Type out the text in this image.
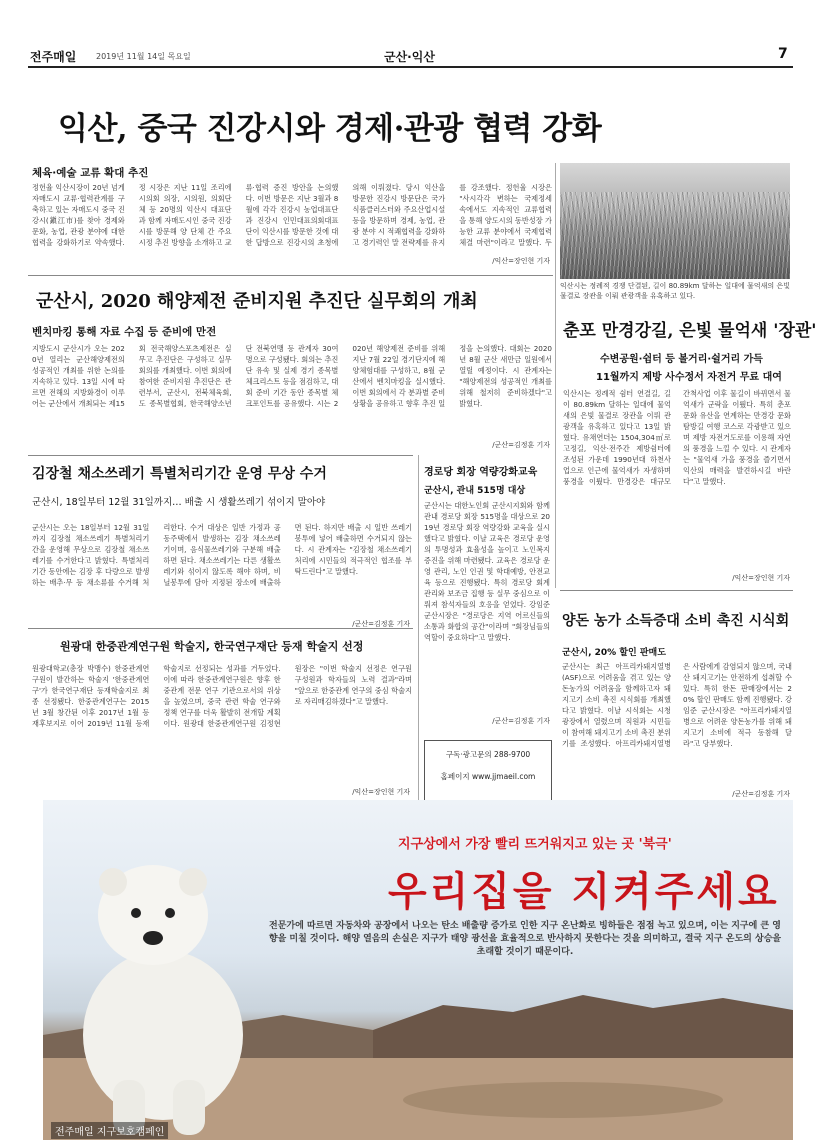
전주매일 2019년 11월 14일 목요일	군산·익산	7
익산, 중국 진강시와 경제·관광 협력 강화
체육·예술 교류 확대 추진
정헌율 익산시장이 20년 넘게 자매도시 교류·협력관계를 구축하고 있는 자매도시 중국 진강시(鎭江市)를 찾아 경제와 문화, 농업, 관광 분야에 대한 협력을 강화하기로 약속했다. 정 시장은 지난 11일 조리에 시의회 의장, 시의원, 의회단체 등 20명의 익산시 대표단과 함께 자매도시인 중국 진강시를 방문해 양 단체 간 주요 시정 추진 방향을 소개하고 교류·협력 증진 방안을 논의했다. 이번 방문은 지난 3월과 8월에 각각 진강시 농업대표단과 진강시 인민대표의회대표단이 익산시를 방문한 것에 대한 답방으로 진강시의 초청에 의해 이뤄졌다. 당시 익산을 방문한 진강시 방문단은 국가식품클러스터와 주요산업시설 등을 방문하며 경제, 농업, 관광 분야 시 적쾌협력을 강화하고 경기력인 말 전략제를 유지를 강조했다. 정헌율 시장은 "사시각각 변하는 국제정세 속에서도 지속적인 교류협력을 통해 양도시의 동반성장 가능한 교류 분야에서 국제협력 체결 마련"이라고 말했다. 두
/익산=장인현 기자
익산시는 정례적 경쟁 단결된, 길이 80.89km 달하는 일대에 물억새의 은빛 물결로 장관을 이뤄 관광객을 유혹하고 있다.
춘포 만경강길, 은빛 물억새 '장관'
수변공원·쉼터 등 볼거리·쉴거리 가득
11월까지 제방 사수정서 자전거 무료 대여
익산시는 정례적 쉼터 연결길, 길이 80.89km 달하는 일대에 물억새의 은빛 물결로 장관을 이뤄 관광객을 유혹하고 있다고 13일 밝혔다. 유채연더는 1504,304㎡로 고정길, 익산·전주간 제방쉼터에 조성된 가운데 1990년대 하천사업으로 인근에 물억새가 자생하며 풍경을 이뤘다. 만경강은 대규모 간척사업 이후 물길이 바뀌면서 물억새가 군락을 이뤘다. 특히 춘포 문화 유산을 연계하는 만경강 문화탐방길 여행 코스로 각광받고 있으며 제방 자전거도로를 이용해 자연의 풍경을 느낄 수 있다. 시 관계자는 "물억새 가을 풍경을 즐기면서 익산의 매력을 발견하시길 바란다"고 말했다.
/익산=장인현 기자
군산시, 2020 해양제전 준비지원 추진단 실무회의 개최
벤치마킹 통해 자료 수집 등 준비에 만전
지방도시 군산시가 오는 2020년 열리는 군산해양제전의 성공적인 개최를 위한 논의를 지속하고 있다. 13일 시에 따르면 전해의 지방화경이 이루어는 군산에서 개최되는 제15회 전국해양스포츠제전은 실무고 추진단은 구성하고 실무회의를 개최했다. 이번 회의에 참여한 준비지원 추진단은 관련부서, 군산시, 전북체육회, 도 종목별협회, 한국해양소년단 전북연맹 등 관계자 30여명으로 구성됐다. 회의는 추진단 유속 및 실제 경기 종목별 체크리스트 등을 점검하고, 대회 준비 기간 동안 종목별 체크포인트를 공유했다. 시는 2020년 해양제전 준비를 위해 지난 7월 22일 경기단지에 해양체험대를 구성하고, 8월 군산에서 벤치마킹을 실시했다. 이번 회의에서 각 분과별 준비상황을 공유하고 향후 추진 일정을 논의했다. 대회는 2020년 8월 군산 새만금 일원에서 열릴 예정이다. 시 관계자는 "해양제전의 성공적인 개최를 위해 철저히 준비하겠다"고 밝혔다.
/군산=김정훈 기자
김장철 채소쓰레기 특별처리기간 운영 무상 수거
군산시, 18일부터 12월 31일까지… 배출 시 생활쓰레기 섞이지 말아야
군산시는 오는 18일부터 12월 31일까지 김장철 채소쓰레기 특별처리기간을 운영해 무상으로 김장철 채소쓰레기를 수거한다고 밝혔다. 특별처리기간 동안에는 김장 후 다량으로 발생하는 배추·무 등 채소류를 수거해 처리한다. 수거 대상은 일반 가정과 공동주택에서 발생하는 김장 채소쓰레기이며, 음식물쓰레기와 구분해 배출하면 된다. 채소쓰레기는 다른 생활쓰레기와 섞이지 않도록 해야 하며, 비닐봉투에 담아 지정된 장소에 배출하면 된다. 하지만 배출 시 일반 쓰레기봉투에 넣어 배출하면 수거되지 않는다. 시 관계자는 "김장철 채소쓰레기 처리에 시민들의 적극적인 협조를 부탁드린다"고 말했다.
/군산=김정훈 기자
경로당 회장 역량강화교육
군산시, 관내 515명 대상
군산시는 대한노인회 군산시지회와 함께 관내 경로당 회장 515명을 대상으로 2019년 경로당 회장 역량강화 교육을 실시했다고 밝혔다. 이날 교육은 경로당 운영의 투명성과 효율성을 높이고 노인복지 증진을 위해 마련됐다. 교육은 경로당 운영 관리, 노인 인권 및 학대예방, 안전교육 등으로 진행됐다. 특히 경로당 회계 관리와 보조금 집행 등 실무 중심으로 이뤄져 참석자들의 호응을 얻었다. 강임준 군산시장은 "경로당은 지역 어르신들의 소통과 화합의 공간"이라며 "회장님들의 역할이 중요하다"고 말했다.
/군산=김정훈 기자
구독·광고문의 288-9700
홈페이지 www.jjmaeil.com
원광대 한중관계연구원 학술지, 한국연구재단 등재 학술지 선정
원광대학교(총장 박맹수) 한중관계연구원이 발간하는 학술지 '한중관계연구'가 한국연구재단 등재학술지로 최종 선정됐다. 한중관계연구는 2015년 3월 창간된 이후 2017년 1월 등재후보지로 이어 2019년 11월 등재학술지로 선정되는 성과를 거두었다. 이에 따라 한중관계연구원은 향후 한중관계 전문 연구 기관으로서의 위상을 높였으며, 중국 관련 학술 연구와 정책 연구를 더욱 활발히 전개할 계획이다. 원광대 한중관계연구원 김정현 원장은 "이번 학술지 선정은 연구원 구성원과 학자들의 노력 결과"라며 "앞으로 한중관계 연구의 중심 학술지로 자리매김하겠다"고 말했다.
/익산=장인현 기자
양돈 농가 소득증대 소비 촉진 시식회
군산시, 20% 할인 판매도
군산시는 최근 아프리카돼지열병(ASF)으로 어려움을 겪고 있는 양돈농가의 어려움을 함께하고자 돼지고기 소비 촉진 시식회를 개최했다고 밝혔다. 이날 시식회는 시청 광장에서 열렸으며 직원과 시민들이 참여해 돼지고기 소비 촉진 분위기를 조성했다. 아프리카돼지열병은 사람에게 감염되지 않으며, 국내산 돼지고기는 안전하게 섭취할 수 있다. 특히 한돈 판매장에서는 20% 할인 판매도 함께 진행됐다. 강임준 군산시장은 "아프리카돼지열병으로 어려운 양돈농가를 위해 돼지고기 소비에 적극 동참해 달라"고 당부했다.
/군산=김정훈 기자
지구상에서 가장 빨리 뜨거워지고 있는 곳 '북극'
우리집을 지켜주세요
전문가에 따르면 자동차와 공장에서 나오는 탄소 배출량 증가로 인한 지구 온난화로 빙하들은 점점 녹고 있으며, 이는 지구에 큰 영향을 미칠 것이다. 해양 열음의 손실은 지구가 태양 광선을 효율적으로 반사하지 못한다는 것을 의미하고, 결국 지구 온도의 상승을 초래할 것이기 때문이다.
전주매일 지구보호캠페인
